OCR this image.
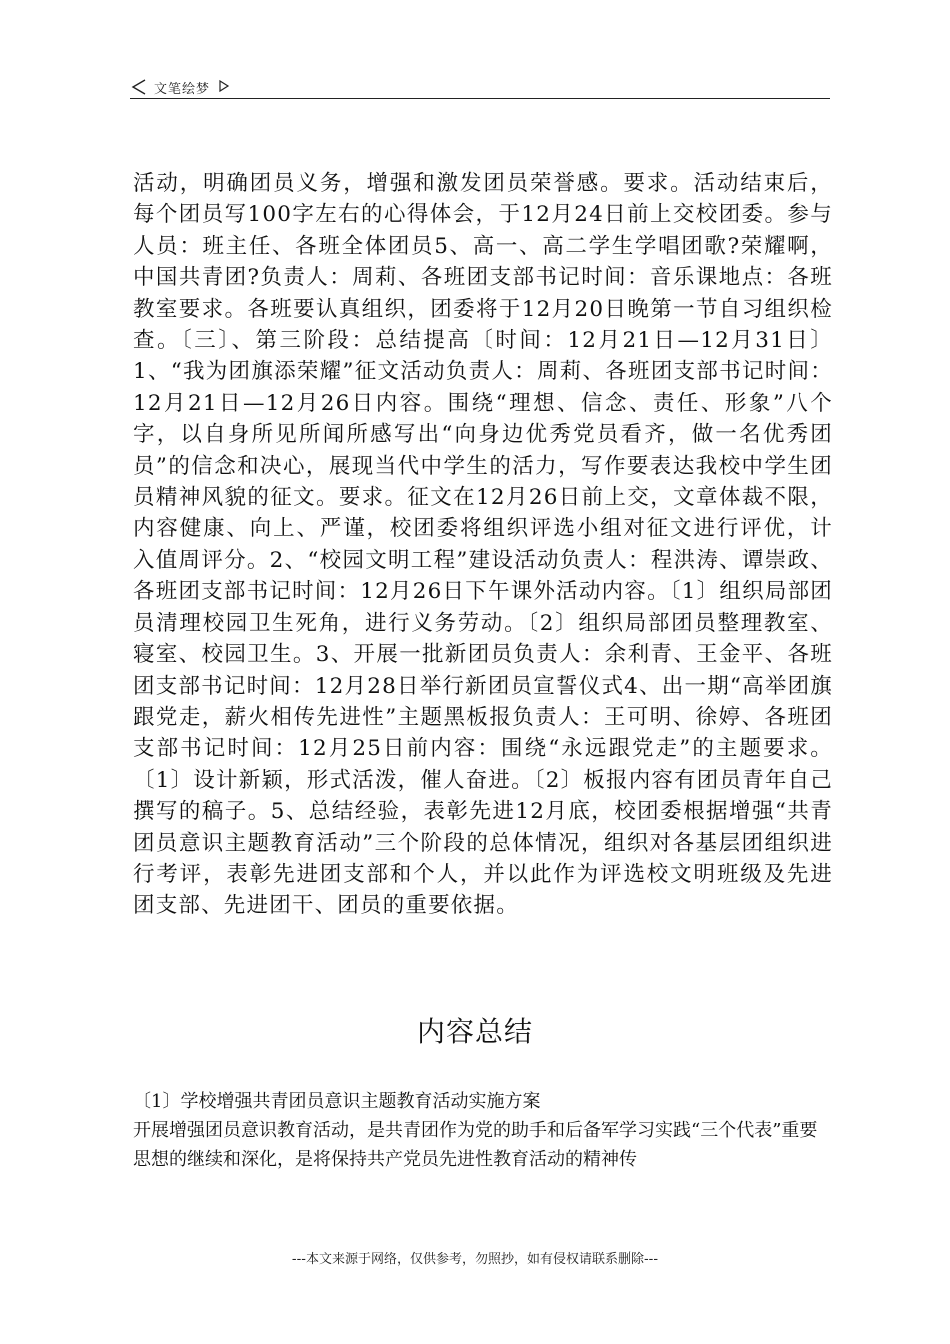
文笔绘梦

活动，明确团员义务，增强和激发团员荣誉感。要求。活动结束后，每个团员写100字左右的心得体会，于12月24日前上交校团委。参与人员：班主任、各班全体团员5、高一、高二学生学唱团歌?荣耀啊，中国共青团?负责人：周莉、各班团支部书记时间：音乐课地点：各班教室要求。各班要认真组织，团委将于12月20日晚第一节自习组织检查。〔三〕、第三阶段：总结提高〔时间：12月21日—12月31日〕1、“我为团旗添荣耀”征文活动负责人：周莉、各班团支部书记时间：12月21日—12月26日内容。围绕“理想、信念、责任、形象”八个字，以自身所见所闻所感写出“向身边优秀党员看齐，做一名优秀团员”的信念和决心，展现当代中学生的活力，写作要表达我校中学生团员精神风貌的征文。要求。征文在12月26日前上交，文章体裁不限，内容健康、向上、严谨，校团委将组织评选小组对征文进行评优，计入值周评分。2、“校园文明工程”建设活动负责人：程洪涛、谭崇政、各班团支部书记时间：12月26日下午课外活动内容。〔1〕组织局部团员清理校园卫生死角，进行义务劳动。〔2〕组织局部团员整理教室、寝室、校园卫生。3、开展一批新团员负责人：余利青、王金平、各班团支部书记时间：12月28日举行新团员宣誓仪式4、出一期“高举团旗跟党走，薪火相传先进性”主题黑板报负责人：王可明、徐婷、各班团支部书记时间：12月25日前内容：围绕“永远跟党走”的主题要求。〔1〕设计新颖，形式活泼，催人奋进。〔2〕板报内容有团员青年自己撰写的稿子。5、总结经验，表彰先进12月底，校团委根据增强“共青团员意识主题教育活动”三个阶段的总体情况，组织对各基层团组织进行考评，表彰先进团支部和个人，并以此作为评选校文明班级及先进团支部、先进团干、团员的重要依据。

内容总结
〔1〕学校增强共青团员意识主题教育活动实施方案
开展增强团员意识教育活动，是共青团作为党的助手和后备军学习实践“三个代表”重要思想的继续和深化，是将保持共产党员先进性教育活动的精神传
---本文来源于网络，仅供参考，勿照抄，如有侵权请联系删除---
